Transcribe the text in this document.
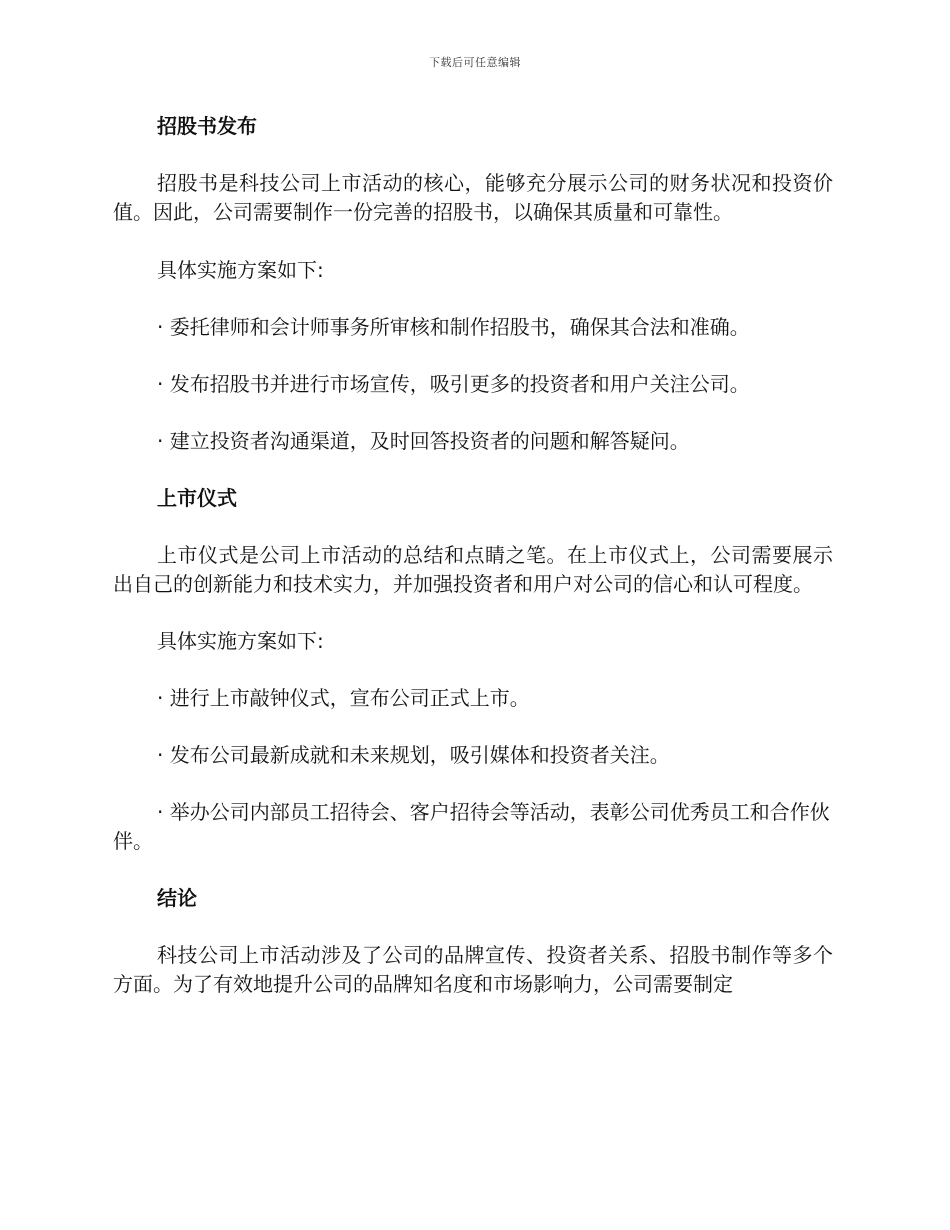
下载后可任意编辑

招股书发布

招股书是科技公司上市活动的核心，能够充分展示公司的财务状况和投资价值。因此，公司需要制作一份完善的招股书，以确保其质量和可靠性。

具体实施方案如下:

· 委托律师和会计师事务所审核和制作招股书，确保其合法和准确。

· 发布招股书并进行市场宣传，吸引更多的投资者和用户关注公司。

· 建立投资者沟通渠道，及时回答投资者的问题和解答疑问。

上市仪式

上市仪式是公司上市活动的总结和点睛之笔。在上市仪式上，公司需要展示出自己的创新能力和技术实力，并加强投资者和用户对公司的信心和认可程度。

具体实施方案如下:

· 进行上市敲钟仪式，宣布公司正式上市。

· 发布公司最新成就和未来规划，吸引媒体和投资者关注。

· 举办公司内部员工招待会、客户招待会等活动，表彰公司优秀员工和合作伙伴。

结论

科技公司上市活动涉及了公司的品牌宣传、投资者关系、招股书制作等多个方面。为了有效地提升公司的品牌知名度和市场影响力，公司需要制定
